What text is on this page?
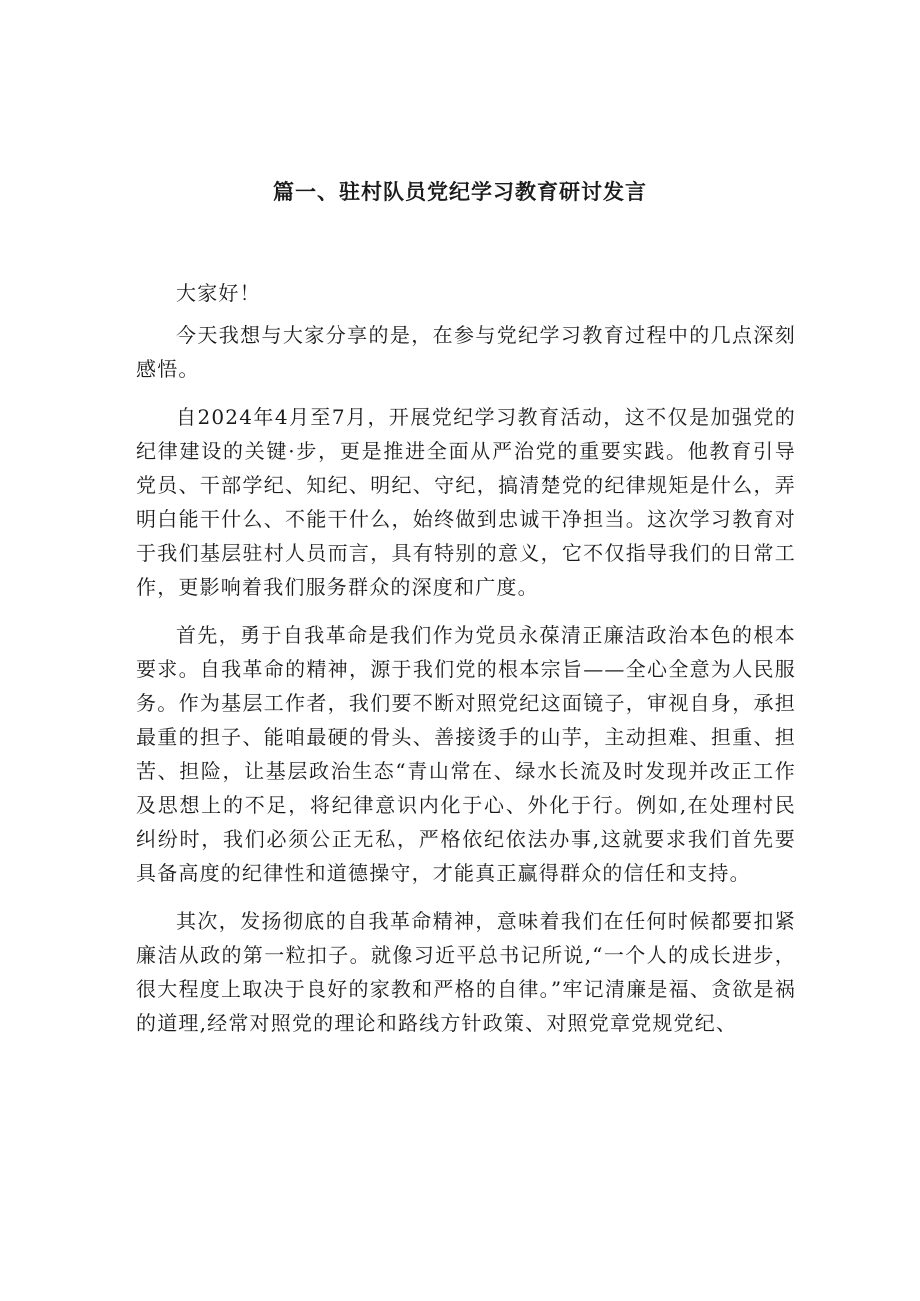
篇一、驻村队员党纪学习教育研讨发言

大家好！

今天我想与大家分享的是，在参与党纪学习教育过程中的几点深刻感悟。

自2024年4月至7月，开展党纪学习教育活动，这不仅是加强党的纪律建设的关键·步，更是推进全面从严治党的重要实践。他教育引导党员、干部学纪、知纪、明纪、守纪，搞清楚党的纪律规矩是什么，弄明白能干什么、不能干什么，始终做到忠诚干净担当。这次学习教育对于我们基层驻村人员而言，具有特别的意义，它不仅指导我们的日常工作，更影响着我们服务群众的深度和广度。

首先，勇于自我革命是我们作为党员永葆清正廉洁政治本色的根本要求。自我革命的精神，源于我们党的根本宗旨——全心全意为人民服务。作为基层工作者，我们要不断对照党纪这面镜子，审视自身，承担最重的担子、能咱最硬的骨头、善接烫手的山芋，主动担难、担重、担苦、担险，让基层政治生态“青山常在、绿水长流及时发现并改正工作及思想上的不足，将纪律意识内化于心、外化于行。例如,在处理村民纠纷时，我们必须公正无私，严格依纪依法办事,这就要求我们首先要具备高度的纪律性和道德操守，才能真正赢得群众的信任和支持。

其次，发扬彻底的自我革命精神，意味着我们在任何时候都要扣紧廉洁从政的第一粒扣子。就像习近平总书记所说,“一个人的成长进步，很大程度上取决于良好的家教和严格的自律。”牢记清廉是福、贪欲是祸的道理,经常对照党的理论和路线方针政策、对照党章党规党纪、
